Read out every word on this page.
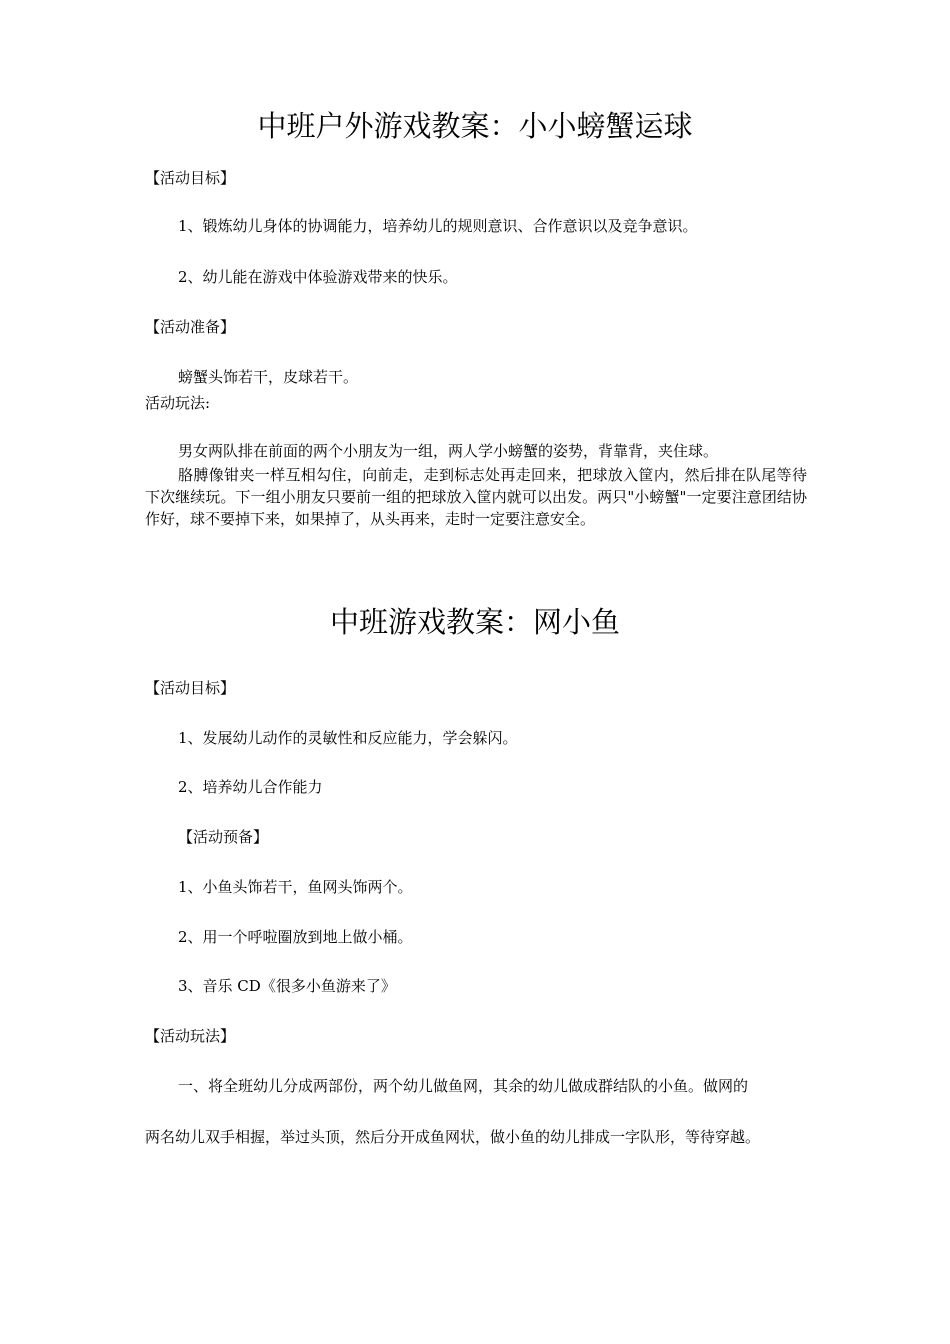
中班户外游戏教案：小小螃蟹运球
【活动目标】
1、锻炼幼儿身体的协调能力，培养幼儿的规则意识、合作意识以及竞争意识。
2、幼儿能在游戏中体验游戏带来的快乐。
【活动准备】
螃蟹头饰若干，皮球若干。
活动玩法:
男女两队排在前面的两个小朋友为一组，两人学小螃蟹的姿势，背靠背，夹住球。
胳膊像钳夹一样互相勾住，向前走，走到标志处再走回来，把球放入筐内，然后排在队尾等待下次继续玩。下一组小朋友只要前一组的把球放入筐内就可以出发。两只"小螃蟹"一定要注意团结协作好，球不要掉下来，如果掉了，从头再来，走时一定要注意安全。
中班游戏教案：网小鱼
【活动目标】
1、发展幼儿动作的灵敏性和反应能力，学会躲闪。
2、培养幼儿合作能力
【活动预备】
1、小鱼头饰若干，鱼网头饰两个。
2、用一个呼啦圈放到地上做小桶。
3、音乐 CD《很多小鱼游来了》
【活动玩法】
一、将全班幼儿分成两部份，两个幼儿做鱼网，其余的幼儿做成群结队的小鱼。做网的
两名幼儿双手相握，举过头顶，然后分开成鱼网状，做小鱼的幼儿排成一字队形，等待穿越。
